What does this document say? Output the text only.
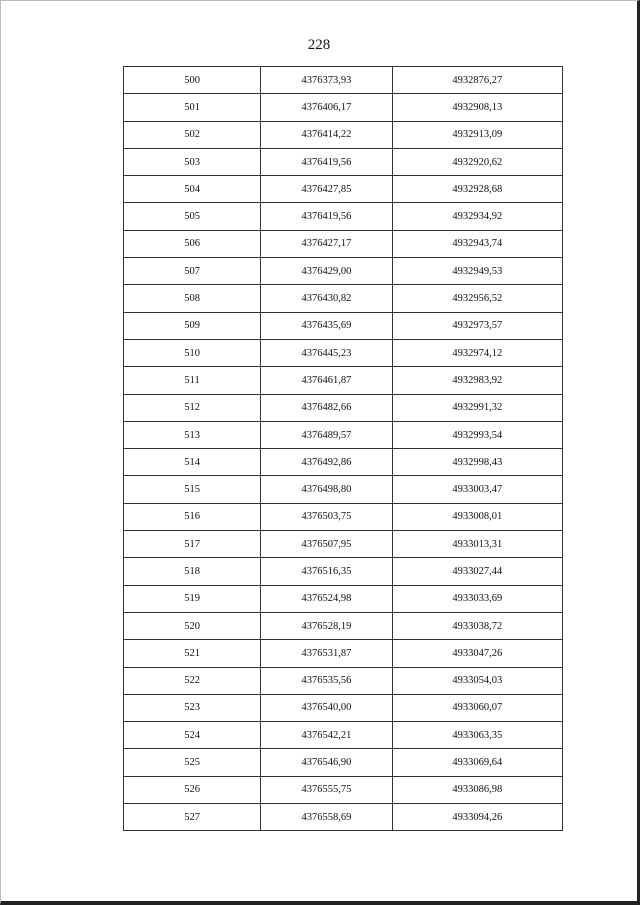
228
500	4376373,93	4932876,27
501	4376406,17	4932908,13
502	4376414,22	4932913,09
503	4376419,56	4932920,62
504	4376427,85	4932928,68
505	4376419,56	4932934,92
506	4376427,17	4932943,74
507	4376429,00	4932949,53
508	4376430,82	4932956,52
509	4376435,69	4932973,57
510	4376445,23	4932974,12
511	4376461,87	4932983,92
512	4376482,66	4932991,32
513	4376489,57	4932993,54
514	4376492,86	4932998,43
515	4376498,80	4933003,47
516	4376503,75	4933008,01
517	4376507,95	4933013,31
518	4376516,35	4933027,44
519	4376524,98	4933033,69
520	4376528,19	4933038,72
521	4376531,87	4933047,26
522	4376535,56	4933054,03
523	4376540,00	4933060,07
524	4376542,21	4933063,35
525	4376546,90	4933069,64
526	4376555,75	4933086,98
527	4376558,69	4933094,26
